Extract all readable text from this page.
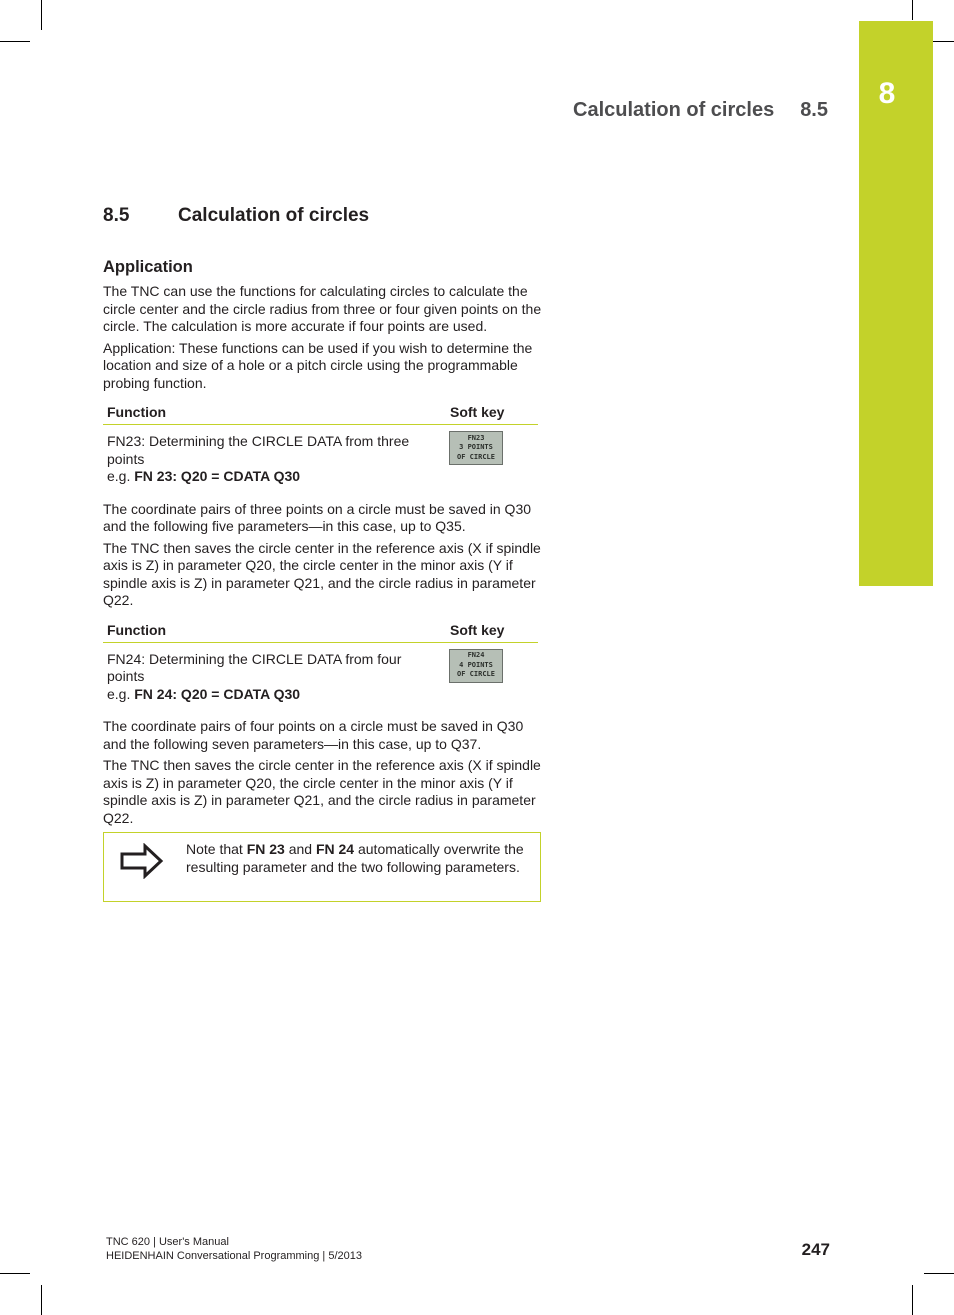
8
Calculation of circles 8.5
8.5	Calculation of circles
Application

The TNC can use the functions for calculating circles to calculate the circle center and the circle radius from three or four given points on the circle. The calculation is more accurate if four points are used.

Application: These functions can be used if you wish to determine the location and size of a hole or a pitch circle using the programmable probing function.

Function	Soft key
FN23: Determining the CIRCLE DATA from three points
e.g. FN 23: Q20 = CDATA Q30	FN23
3 POINTS
OF CIRCLE

The coordinate pairs of three points on a circle must be saved in Q30 and the following five parameters—in this case, up to Q35.

The TNC then saves the circle center in the reference axis (X if spindle axis is Z) in parameter Q20, the circle center in the minor axis (Y if spindle axis is Z) in parameter Q21, and the circle radius in parameter Q22.

Function	Soft key
FN24: Determining the CIRCLE DATA from four points
e.g. FN 24: Q20 = CDATA Q30	FN24
4 POINTS
OF CIRCLE

The coordinate pairs of four points on a circle must be saved in Q30 and the following seven parameters—in this case, up to Q37.

The TNC then saves the circle center in the reference axis (X if spindle axis is Z) in parameter Q20, the circle center in the minor axis (Y if spindle axis is Z) in parameter Q21, and the circle radius in parameter Q22.

Note that FN 23 and FN 24 automatically overwrite the resulting parameter and the two following parameters.
TNC 620 | User's Manual
HEIDENHAIN Conversational Programming | 5/2013	247
